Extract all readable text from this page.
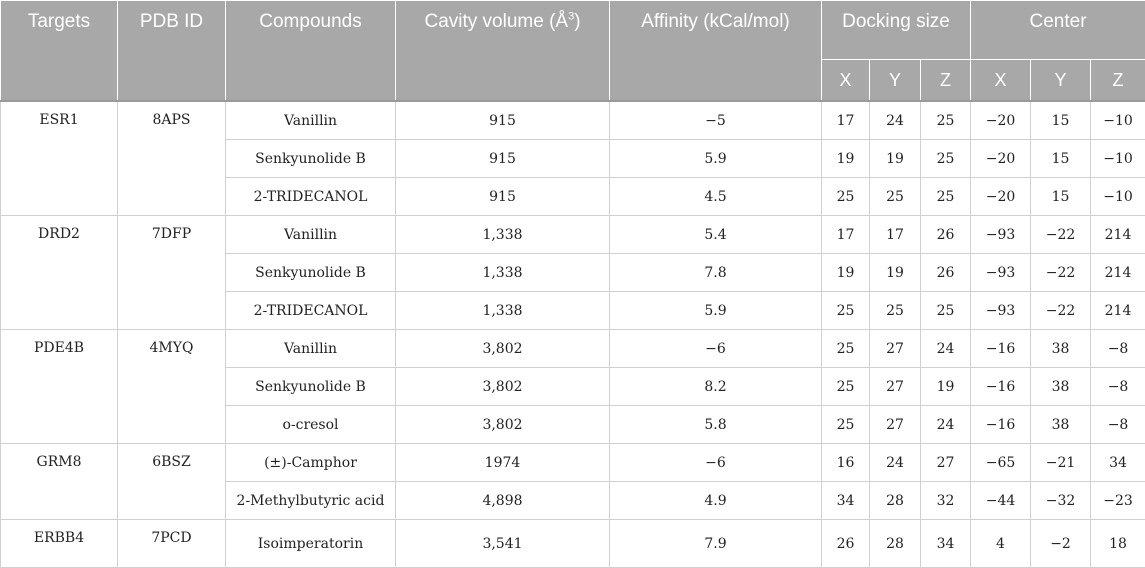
Targets	PDB ID	Compounds	Cavity volume $(Å^3)$	Affinity (kCal/mol)	Docking size			Center		
					X	Y	Z	X	Y	Z
ESR1	8APS	Vanillin	915	−5	17	24	25	−20	15	−10
		Senkyunolide B	915	5.9	19	19	25	−20	15	−10
		2-TRIDECANOL	915	4.5	25	25	25	−20	15	−10
DRD2	7DFP	Vanillin	1,338	5.4	17	17	26	−93	−22	214
		Senkyunolide B	1,338	7.8	19	19	26	−93	−22	214
		2-TRIDECANOL	1,338	5.9	25	25	25	−93	−22	214
PDE4B	4MYQ	Vanillin	3,802	−6	25	27	24	−16	38	−8
		Senkyunolide B	3,802	8.2	25	27	19	−16	38	−8
		o-cresol	3,802	5.8	25	27	24	−16	38	−8
GRM8	6BSZ	(±)-Camphor	1974	−6	16	24	27	−65	−21	34
		2-Methylbutyric acid	4,898	4.9	34	28	32	−44	−32	−23
ERBB4	7PCD	Isoimperatorin	3,541	7.9	26	28	34	4	−2	18
